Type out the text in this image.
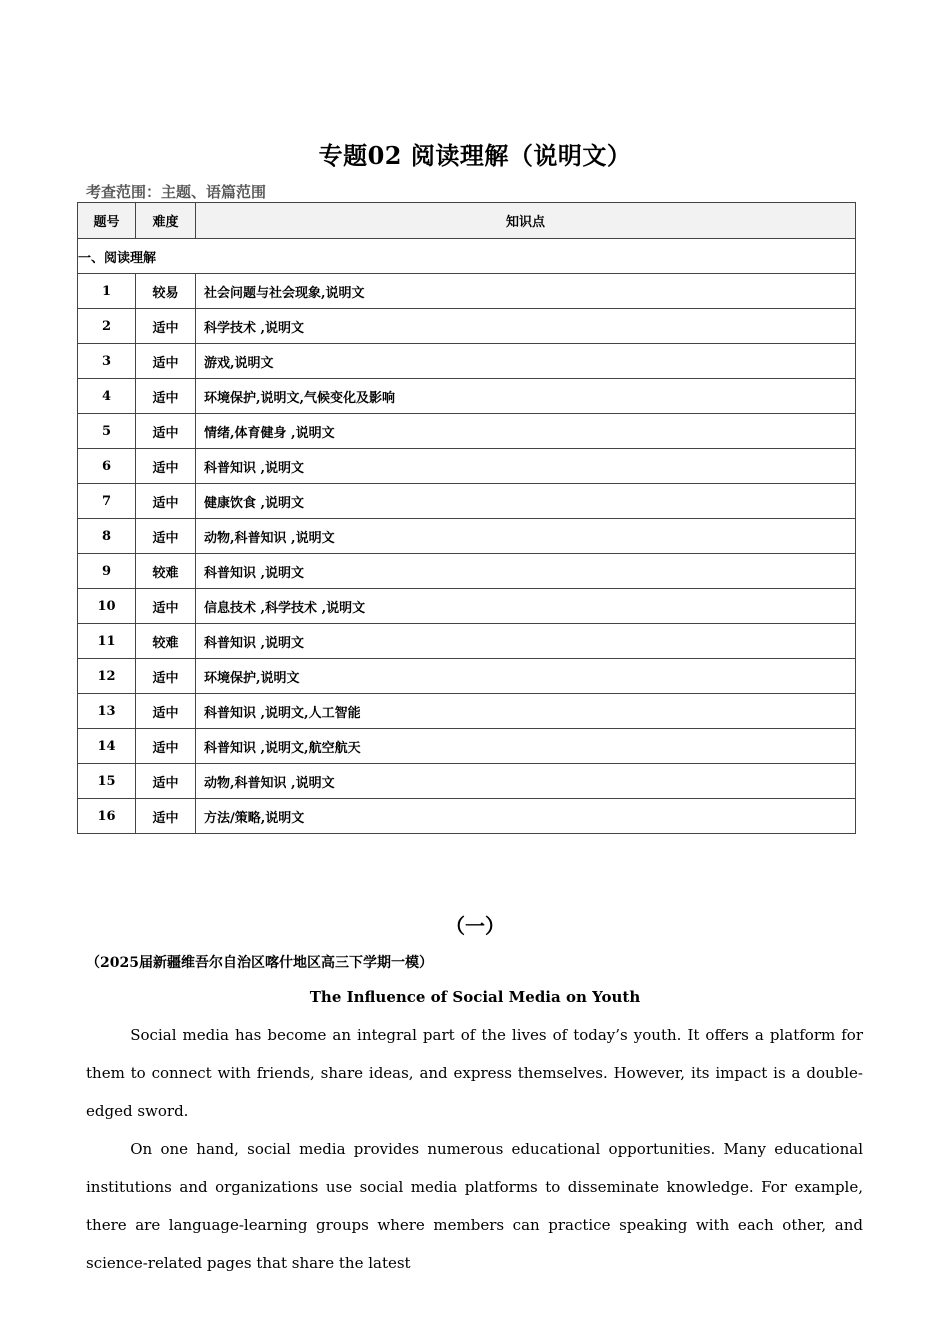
专题02 阅读理解（说明文）
考查范围：主题、语篇范围
题号	难度	知识点
一、阅读理解		
1	较易	社会问题与社会现象,说明文
2	适中	科学技术 ,说明文
3	适中	游戏,说明文
4	适中	环境保护,说明文,气候变化及影响
5	适中	情绪,体育健身 ,说明文
6	适中	科普知识 ,说明文
7	适中	健康饮食 ,说明文
8	适中	动物,科普知识 ,说明文
9	较难	科普知识 ,说明文
10	适中	信息技术 ,科学技术 ,说明文
11	较难	科普知识 ,说明文
12	适中	环境保护,说明文
13	适中	科普知识 ,说明文,人工智能
14	适中	科普知识 ,说明文,航空航天
15	适中	动物,科普知识 ,说明文
16	适中	方法/策略,说明文
（一）
（2025届新疆维吾尔自治区喀什地区高三下学期一模）
The Influence of Social Media on Youth

Social media has become an integral part of the lives of today’s youth. It offers a platform for them to connect with friends, share ideas, and express themselves. However, its impact is a double-edged sword.

On one hand, social media provides numerous educational opportunities. Many educational institutions and organizations use social media platforms to disseminate knowledge. For example, there are language-learning groups where members can practice speaking with each other, and science-related pages that share the latest
